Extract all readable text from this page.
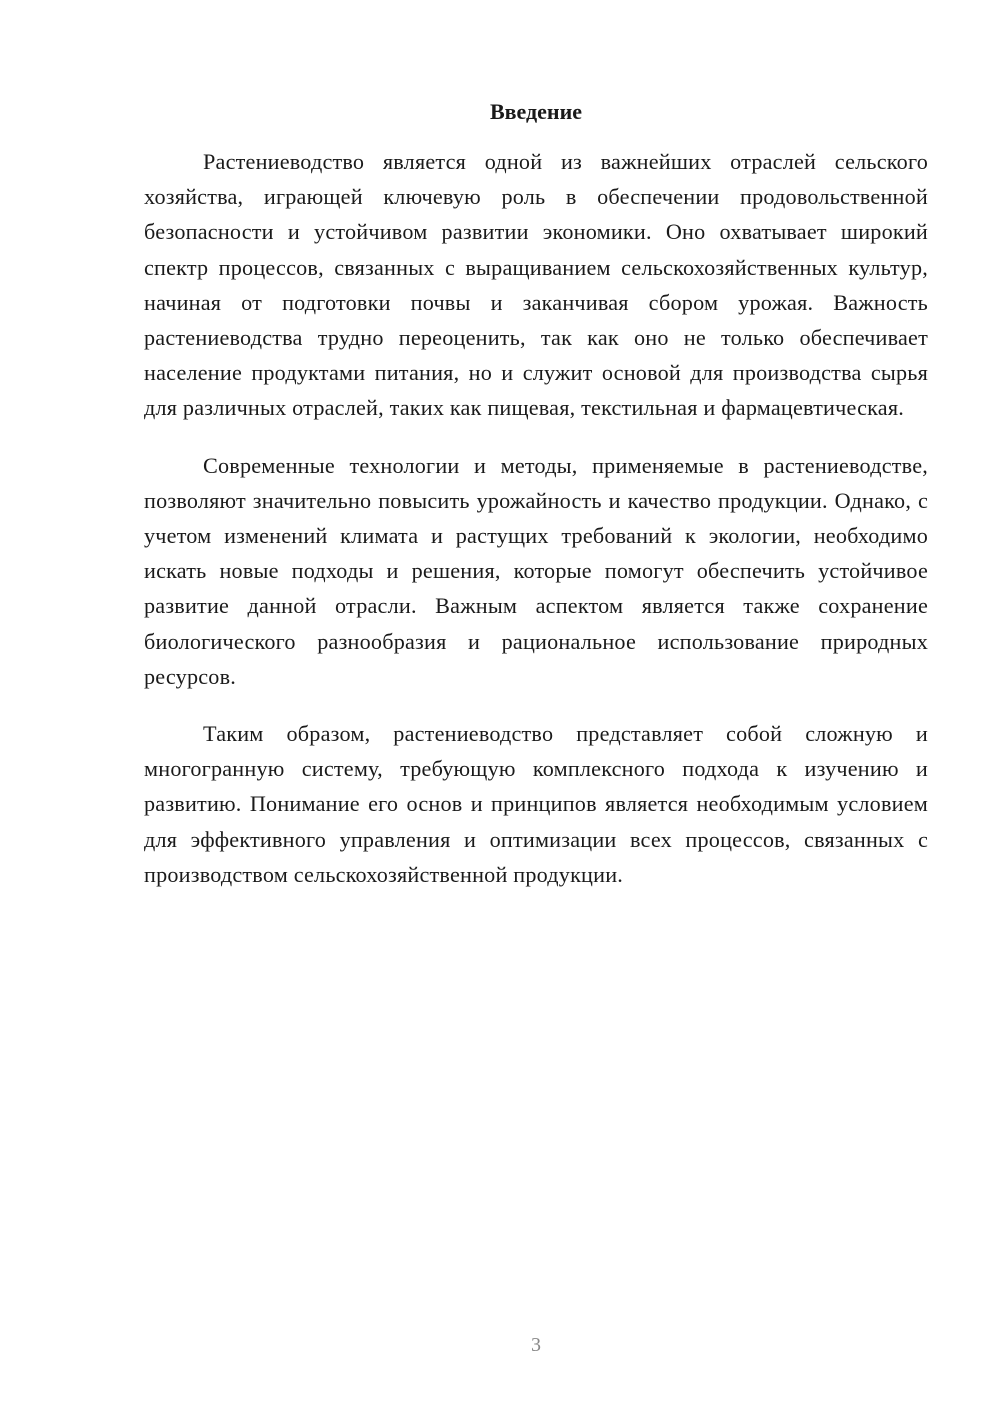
Введение

Растениеводство является одной из важнейших отраслей сельского хозяйства, играющей ключевую роль в обеспечении продовольственной безопасности и устойчивом развитии экономики. Оно охватывает широкий спектр процессов, связанных с выращиванием сельскохозяйственных культур, начиная от подготовки почвы и заканчивая сбором урожая. Важность растениеводства трудно переоценить, так как оно не только обеспечивает население продуктами питания, но и служит основой для производства сырья для различных отраслей, таких как пищевая, текстильная и фармацевтическая.

Современные технологии и методы, применяемые в растениеводстве, позволяют значительно повысить урожайность и качество продукции. Однако, с учетом изменений климата и растущих требований к экологии, необходимо искать новые подходы и решения, которые помогут обеспечить устойчивое развитие данной отрасли. Важным аспектом является также сохранение биологического разнообразия и рациональное использование природных ресурсов.

Таким образом, растениеводство представляет собой сложную и многогранную систему, требующую комплексного подхода к изучению и развитию. Понимание его основ и принципов является необходимым условием для эффективного управления и оптимизации всех процессов, связанных с производством сельскохозяйственной продукции.

3
